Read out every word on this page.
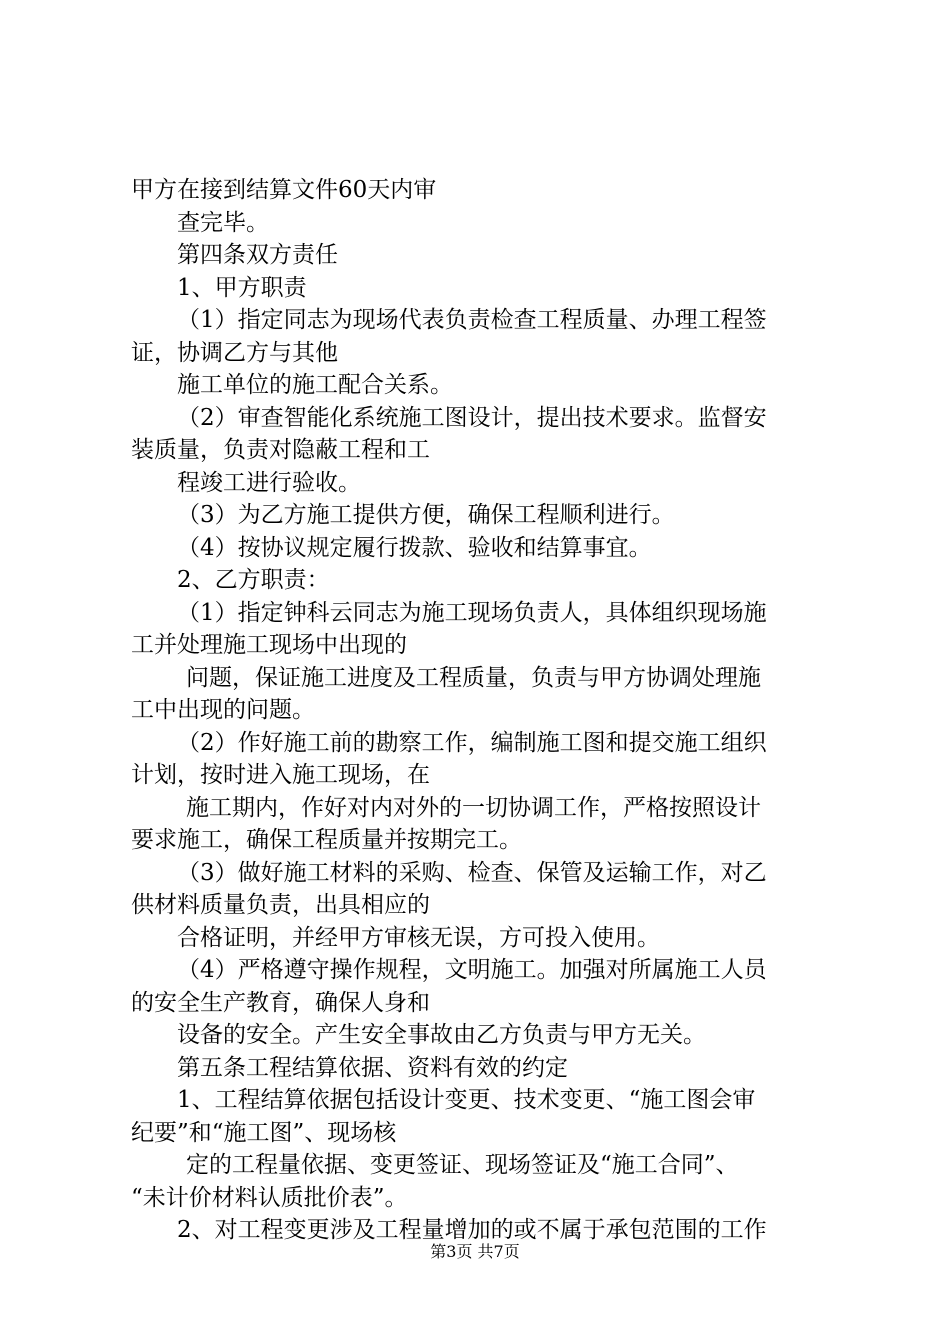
甲方在接到结算文件60天内审

查完毕。

第四条双方责任

1、甲方职责

（1）指定同志为现场代表负责检查工程质量、办理工程签

证，协调乙方与其他

施工单位的施工配合关系。

（2）审查智能化系统施工图设计，提出技术要求。监督安

装质量，负责对隐蔽工程和工

程竣工进行验收。

（3）为乙方施工提供方便，确保工程顺利进行。

（4）按协议规定履行拨款、验收和结算事宜。

2、乙方职责：

（1）指定钟科云同志为施工现场负责人，具体组织现场施

工并处理施工现场中出现的

问题，保证施工进度及工程质量，负责与甲方协调处理施

工中出现的问题。

（2）作好施工前的勘察工作，编制施工图和提交施工组织

计划，按时进入施工现场，在

施工期内，作好对内对外的一切协调工作，严格按照设计

要求施工，确保工程质量并按期完工。

（3）做好施工材料的采购、检查、保管及运输工作，对乙

供材料质量负责，出具相应的

合格证明，并经甲方审核无误，方可投入使用。

（4）严格遵守操作规程，文明施工。加强对所属施工人员

的安全生产教育，确保人身和

设备的安全。产生安全事故由乙方负责与甲方无关。

第五条工程结算依据、资料有效的约定

1、工程结算依据包括设计变更、技术变更、“施工图会审

纪要”和“施工图”、现场核

定的工程量依据、变更签证、现场签证及“施工合同”、

“未计价材料认质批价表”。

2、对工程变更涉及工程量增加的或不属于承包范围的工作

第3页 共7页
